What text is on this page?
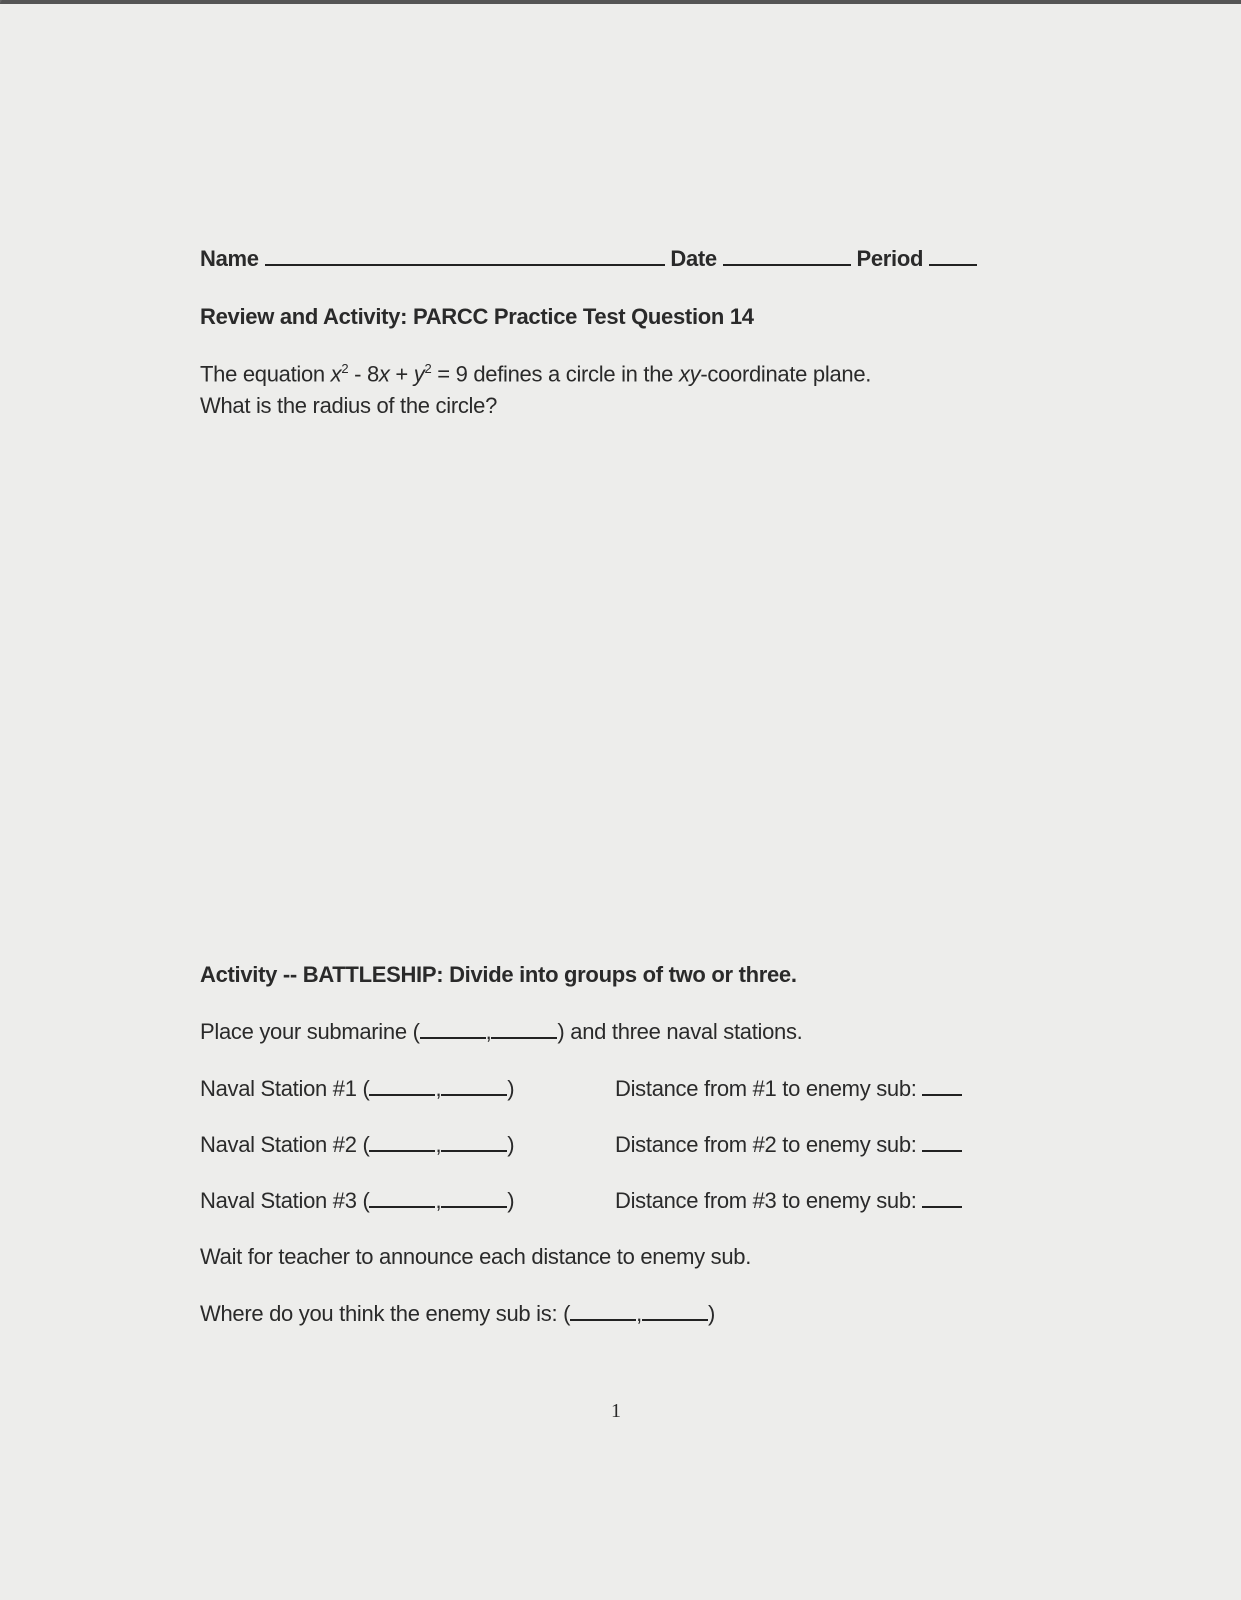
Name	Date	Period
Review and Activity: PARCC Practice Test Question 14
The equation $x^2 - 8x + y^2 = 9$ defines a circle in the xy-coordinate plane.
What is the radius of the circle?
Activity -- BATTLESHIP: Divide into groups of two or three.
Place your submarine (	,	) and three naval stations.
Naval Station #1 (	,	)	Distance from #1 to enemy sub:
Naval Station #2 (	,	)	Distance from #2 to enemy sub:
Naval Station #3 (	,	)	Distance from #3 to enemy sub:
Wait for teacher to announce each distance to enemy sub.
Where do you think the enemy sub is: (	,	)
1
